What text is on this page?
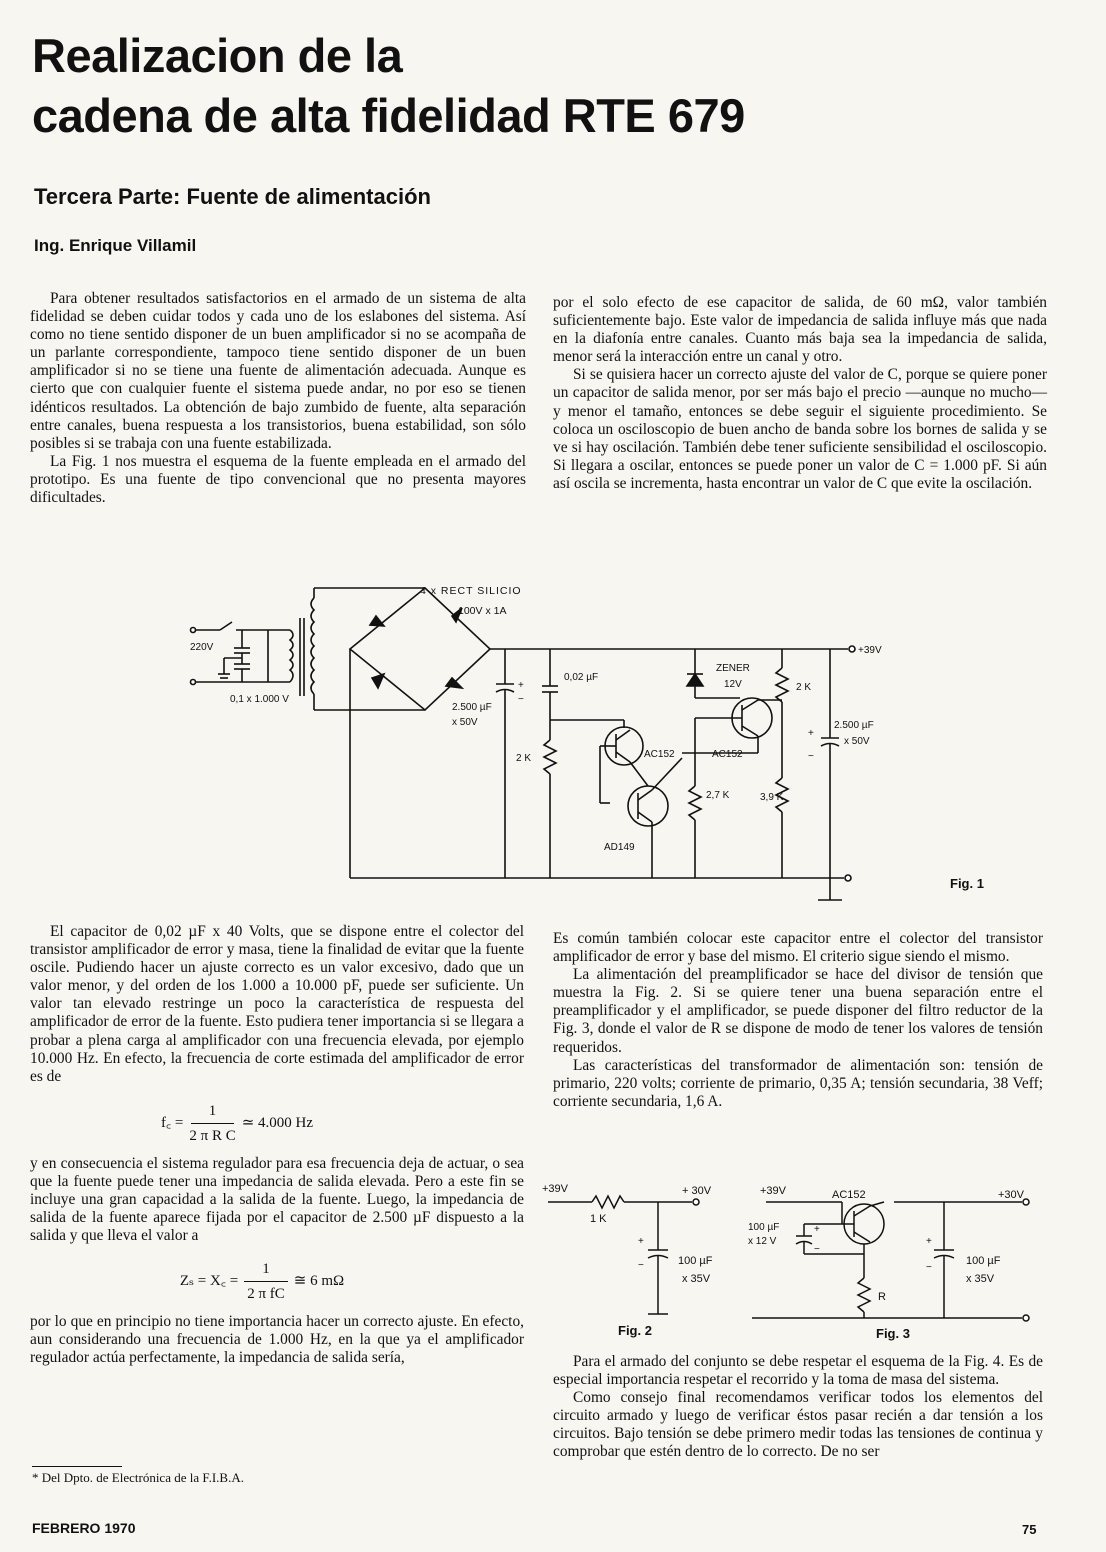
Realizacion de la
cadena de alta fidelidad RTE 679
Tercera Parte: Fuente de alimentación
Ing. Enrique Villamil

Para obtener resultados satisfactorios en el armado de un sistema de alta fidelidad se deben cuidar todos y cada uno de los eslabones del sistema. Así como no tiene sentido disponer de un buen amplificador si no se acompaña de un parlante correspondiente, tampoco tiene sentido disponer de un buen amplificador si no se tiene una fuente de alimentación adecuada. Aunque es cierto que con cualquier fuente el sistema puede andar, no por eso se tienen idénticos resultados. La obtención de bajo zumbido de fuente, alta separación entre canales, buena respuesta a los transistorios, buena estabilidad, son sólo posibles si se trabaja con una fuente estabilizada.

La Fig. 1 nos muestra el esquema de la fuente empleada en el armado del prototipo. Es una fuente de tipo convencional que no presenta mayores dificultades.

por el solo efecto de ese capacitor de salida, de 60 mΩ, valor también suficientemente bajo. Este valor de impedancia de salida influye más que nada en la diafonía entre canales. Cuanto más baja sea la impedancia de salida, menor será la interacción entre un canal y otro.

Si se quisiera hacer un correcto ajuste del valor de C, porque se quiere poner un capacitor de salida menor, por ser más bajo el precio —aunque no mucho— y menor el tamaño, entonces se debe seguir el siguiente procedimiento. Se coloca un osciloscopio de buen ancho de banda sobre los bornes de salida y se ve si hay oscilación. También debe tener suficiente sensibilidad el osciloscopio. Si llegara a oscilar, entonces se puede poner un valor de C = 1.000 pF. Si aún así oscila se incrementa, hasta encontrar un valor de C que evite la oscilación.

220V
0,1 x 1.000 V
4 x RECT SILICIO
100V x 1A
+39V
+
−
2.500 µF
x 50V
0,02 µF
2 K	AC152
AD149
ZENER
12V
AC152
2,7 K
2 K
3,9 K
+
−
2.500 µF
x 50V
Fig. 1

El capacitor de 0,02 µF x 40 Volts, que se dispone entre el colector del transistor amplificador de error y masa, tiene la finalidad de evitar que la fuente oscile. Pudiendo hacer un ajuste correcto es un valor excesivo, dado que un valor menor, y del orden de los 1.000 a 10.000 pF, puede ser suficiente. Un valor tan elevado restringe un poco la característica de respuesta del amplificador de error de la fuente. Esto pudiera tener importancia si se llegara a probar a plena carga al amplificador con una frecuencia elevada, por ejemplo 10.000 Hz. En efecto, la frecuencia de corte estimada del amplificador de error es de

f꜀ = $\frac{1}{\text{2 π R C}}$ ≃ 4.000 Hz

y en consecuencia el sistema regulador para esa frecuencia deja de actuar, o sea que la fuente puede tener una impedancia de salida elevada. Pero a este fin se incluye una gran capacidad a la salida de la fuente. Luego, la impedancia de salida de la fuente aparece fijada por el capacitor de 2.500 µF dispuesto a la salida y que lleva el valor a

Zₛ = X꜀ = $\frac{1}{\text{2 π fC}}$ ≅ 6 mΩ

por lo que en principio no tiene importancia hacer un correcto ajuste. En efecto, aun considerando una frecuencia de 1.000 Hz, en la que ya el amplificador regulador actúa perfectamente, la impedancia de salida sería,

Es común también colocar este capacitor entre el colector del transistor amplificador de error y base del mismo. El criterio sigue siendo el mismo.

La alimentación del preamplificador se hace del divisor de tensión que muestra la Fig. 2. Si se quiere tener una buena separación entre el preamplificador y el amplificador, se puede disponer del filtro reductor de la Fig. 3, donde el valor de R se dispone de modo de tener los valores de tensión requeridos.

Las características del transformador de alimentación son: tensión de primario, 220 volts; corriente de primario, 0,35 A; tensión secundaria, 38 Veff; corriente secundaria, 1,6 A.

+39V	+ 30V
1 K
+
−	100 µF
x 35V
Fig. 2
+39V	AC152	+30V
100 µF
x 12 V
+
−
R
+
−
100 µF
x 35V
Fig. 3

Para el armado del conjunto se debe respetar el esquema de la Fig. 4. Es de especial importancia respetar el recorrido y la toma de masa del sistema.

Como consejo final recomendamos verificar todos los elementos del circuito armado y luego de verificar éstos pasar recién a dar tensión a los circuitos. Bajo tensión se debe primero medir todas las tensiones de continua y comprobar que estén dentro de lo correcto. De no ser

* Del Dpto. de Electrónica de la F.I.B.A.
FEBRERO 1970	75
